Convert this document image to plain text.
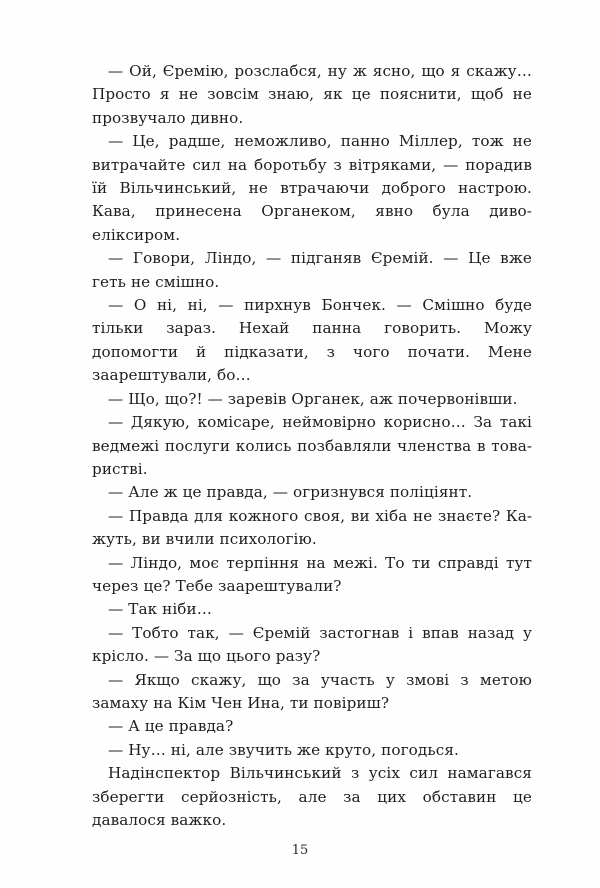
— Ой, Єремію, розслабся, ну ж ясно, що я скажу… Просто я не зовсім знаю, як це пояснити, щоб не прозвучало дивно.

— Це, радше, неможливо, панно Міллер, тож не витрачайте сил на боротьбу з вітряками, — порадив їй Вільчинський, не втрачаючи доброго настрою. Кава, принесена Органеком, явно була диво-еліксиром.

— Говори, Ліндо, — підганяв Єремій. — Це вже геть не смішно.

— О ні, ні, — пирхнув Бончек. — Смішно буде тільки зараз. Нехай панна говорить. Можу допомогти й підказати, з чого почати. Мене заарештували, бо…

— Що, що?! — заревів Органек, аж почервонівши.

— Дякую, комісаре, неймовірно корисно… За такі ведмежі послуги колись позбавляли членства в товаристві.

— Але ж це правда, — огризнувся поліціянт.

— Правда для кожного своя, ви хіба не знаєте? Кажуть, ви вчили психологію.

— Ліндо, моє терпіння на межі. То ти справді тут через це? Тебе заарештували?

— Так ніби…

— Тобто так, — Єремій застогнав і впав назад у крісло. — За що цього разу?

— Якщо скажу, що за участь у змові з метою замаху на Кім Чен Ина, ти повіриш?

— А це правда?

— Ну… ні, але звучить же круто, погодься.

Надінспектор Вільчинський з усіх сил намагався зберегти серйозність, але за цих обставин це давалося важко.

15
